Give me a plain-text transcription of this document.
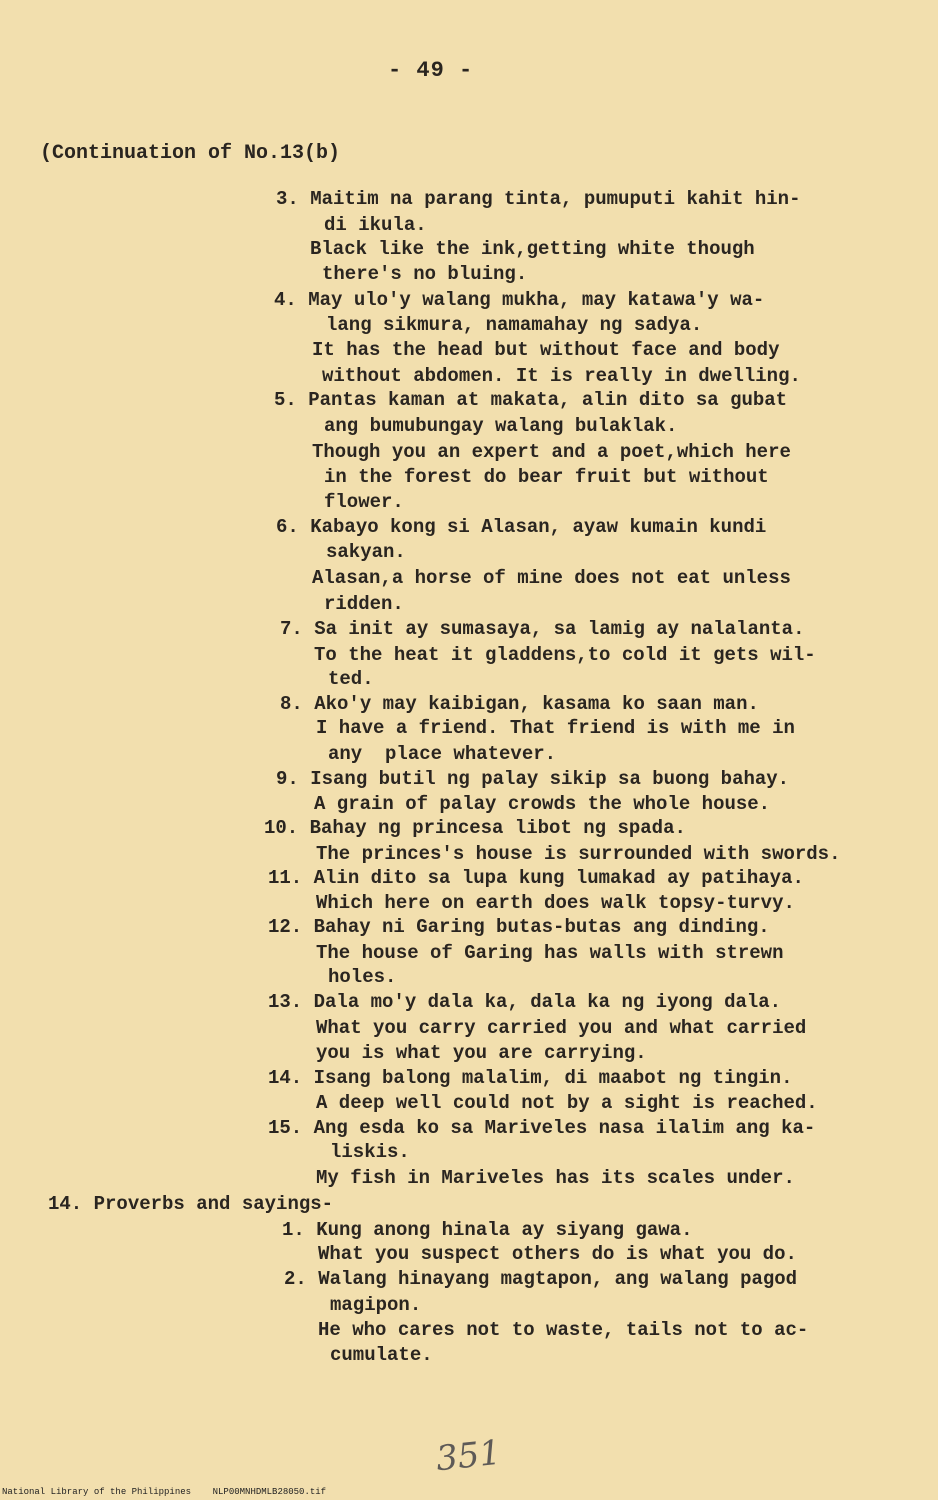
- 49 -
(Continuation of No.13(b)
3. Maitim na parang tinta, pumuputi kahit hin-
di ikula.
Black like the ink,getting white though
there's no bluing.
4. May ulo'y walang mukha, may katawa'y wa-
lang sikmura, namamahay ng sadya.
It has the head but without face and body
without abdomen. It is really in dwelling.
5. Pantas kaman at makata, alin dito sa gubat
ang bumubungay walang bulaklak.
Though you an expert and a poet,which here
in the forest do bear fruit but without
flower.
6. Kabayo kong si Alasan, ayaw kumain kundi
sakyan.
Alasan,a horse of mine does not eat unless
ridden.
7. Sa init ay sumasaya, sa lamig ay nalalanta.
To the heat it gladdens,to cold it gets wil-
ted.
8. Ako'y may kaibigan, kasama ko saan man.
I have a friend. That friend is with me in
any  place whatever.
9. Isang butil ng palay sikip sa buong bahay.
A grain of palay crowds the whole house.
10. Bahay ng princesa libot ng spada.
The princes's house is surrounded with swords.
11. Alin dito sa lupa kung lumakad ay patihaya.
Which here on earth does walk topsy-turvy.
12. Bahay ni Garing butas-butas ang dinding.
The house of Garing has walls with strewn
holes.
13. Dala mo'y dala ka, dala ka ng iyong dala.
What you carry carried you and what carried
you is what you are carrying.
14. Isang balong malalim, di maabot ng tingin.
A deep well could not by a sight is reached.
15. Ang esda ko sa Mariveles nasa ilalim ang ka-
liskis.
My fish in Mariveles has its scales under.
14. Proverbs and sayings-
1. Kung anong hinala ay siyang gawa.
What you suspect others do is what you do.
2. Walang hinayang magtapon, ang walang pagod
magipon.
He who cares not to waste, tails not to ac-
cumulate.
351
National Library of the Philippines    NLP00MNHDMLB28050.tif
